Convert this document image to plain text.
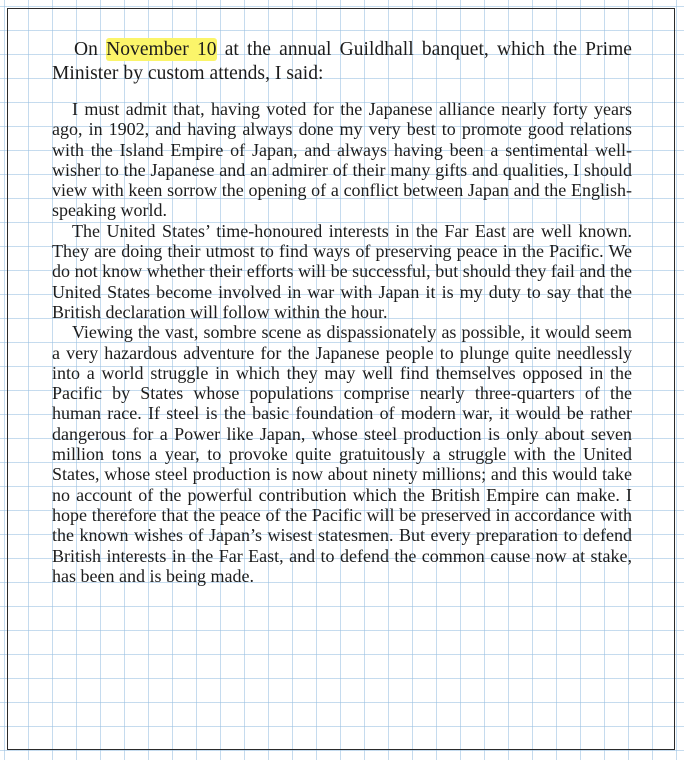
On November 10 at the annual Guildhall banquet, which the Prime Minister by custom attends, I said:

I must admit that, having voted for the Japanese alliance nearly forty years ago, in 1902, and having always done my very best to promote good relations with the Island Empire of Japan, and always having been a sentimental well-wisher to the Japanese and an admirer of their many gifts and qualities, I should view with keen sorrow the opening of a conflict between Japan and the English-speaking world.

The United States’ time-honoured interests in the Far East are well known. They are doing their utmost to find ways of preserving peace in the Pacific. We do not know whether their efforts will be successful, but should they fail and the United States become involved in war with Japan it is my duty to say that the British declaration will follow within the hour.

Viewing the vast, sombre scene as dispassionately as possible, it would seem a very hazardous adventure for the Japanese people to plunge quite needlessly into a world struggle in which they may well find themselves opposed in the Pacific by States whose populations comprise nearly three-quarters of the human race. If steel is the basic foundation of modern war, it would be rather dangerous for a Power like Japan, whose steel production is only about seven million tons a year, to provoke quite gratuitously a struggle with the United States, whose steel production is now about ninety millions; and this would take no account of the powerful contribution which the British Empire can make. I hope therefore that the peace of the Pacific will be preserved in accordance with the known wishes of Japan’s wisest statesmen. But every preparation to defend British interests in the Far East, and to defend the common cause now at stake, has been and is being made.
